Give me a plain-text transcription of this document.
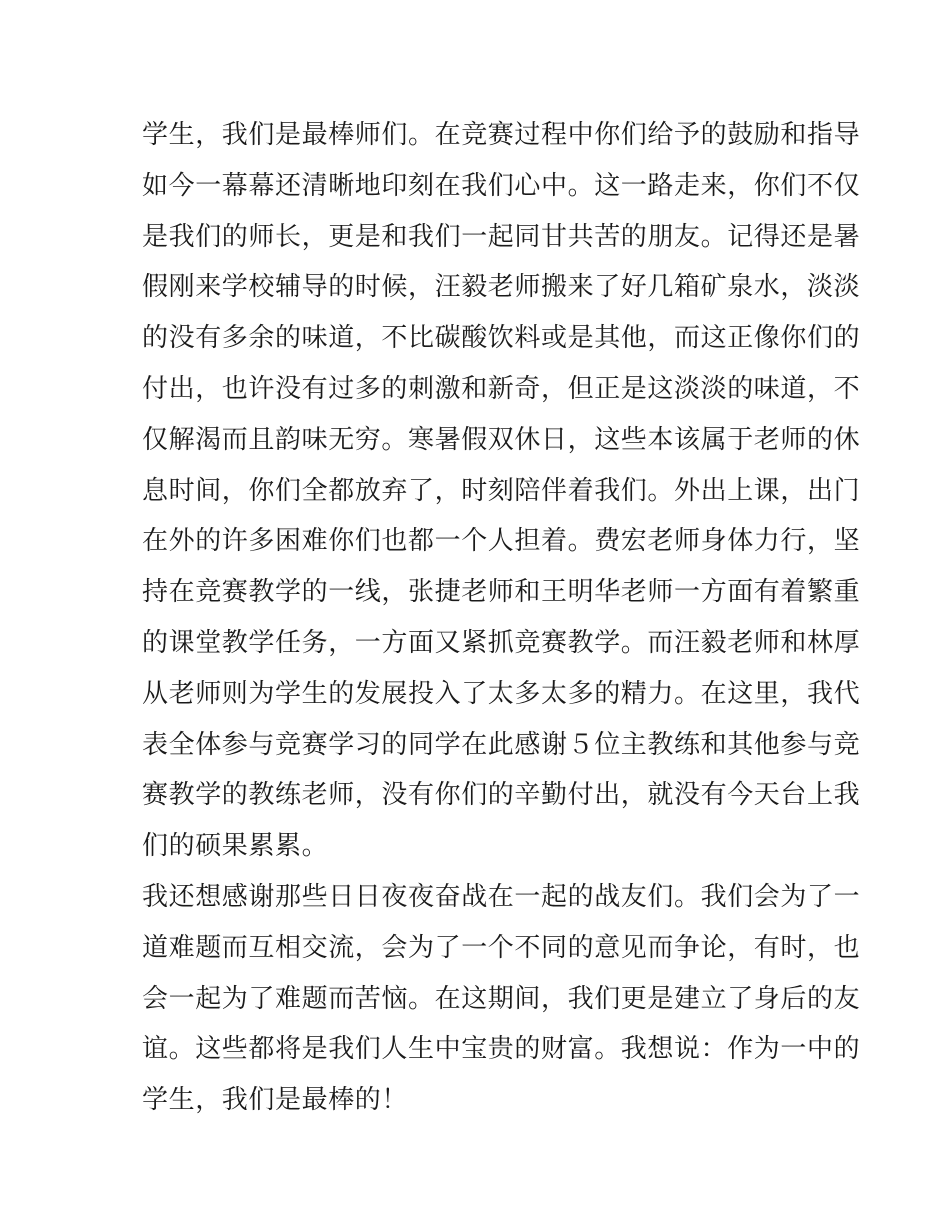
学生，我们是最棒师们。在竞赛过程中你们给予的鼓励和指导
如今一幕幕还清晰地印刻在我们心中。这一路走来，你们不仅
是我们的师长，更是和我们一起同甘共苦的朋友。记得还是暑
假刚来学校辅导的时候，汪毅老师搬来了好几箱矿泉水，淡淡
的没有多余的味道，不比碳酸饮料或是其他，而这正像你们的
付出，也许没有过多的刺激和新奇，但正是这淡淡的味道，不
仅解渴而且韵味无穷。寒暑假双休日，这些本该属于老师的休
息时间，你们全都放弃了，时刻陪伴着我们。外出上课，出门
在外的许多困难你们也都一个人担着。费宏老师身体力行，坚
持在竞赛教学的一线，张捷老师和王明华老师一方面有着繁重
的课堂教学任务，一方面又紧抓竞赛教学。而汪毅老师和林厚
从老师则为学生的发展投入了太多太多的精力。在这里，我代
表全体参与竞赛学习的同学在此感谢５位主教练和其他参与竞
赛教学的教练老师，没有你们的辛勤付出，就没有今天台上我
们的硕果累累。
我还想感谢那些日日夜夜奋战在一起的战友们。我们会为了一
道难题而互相交流，会为了一个不同的意见而争论，有时，也
会一起为了难题而苦恼。在这期间，我们更是建立了身后的友
谊。这些都将是我们人生中宝贵的财富。我想说：作为一中的
学生，我们是最棒的！
